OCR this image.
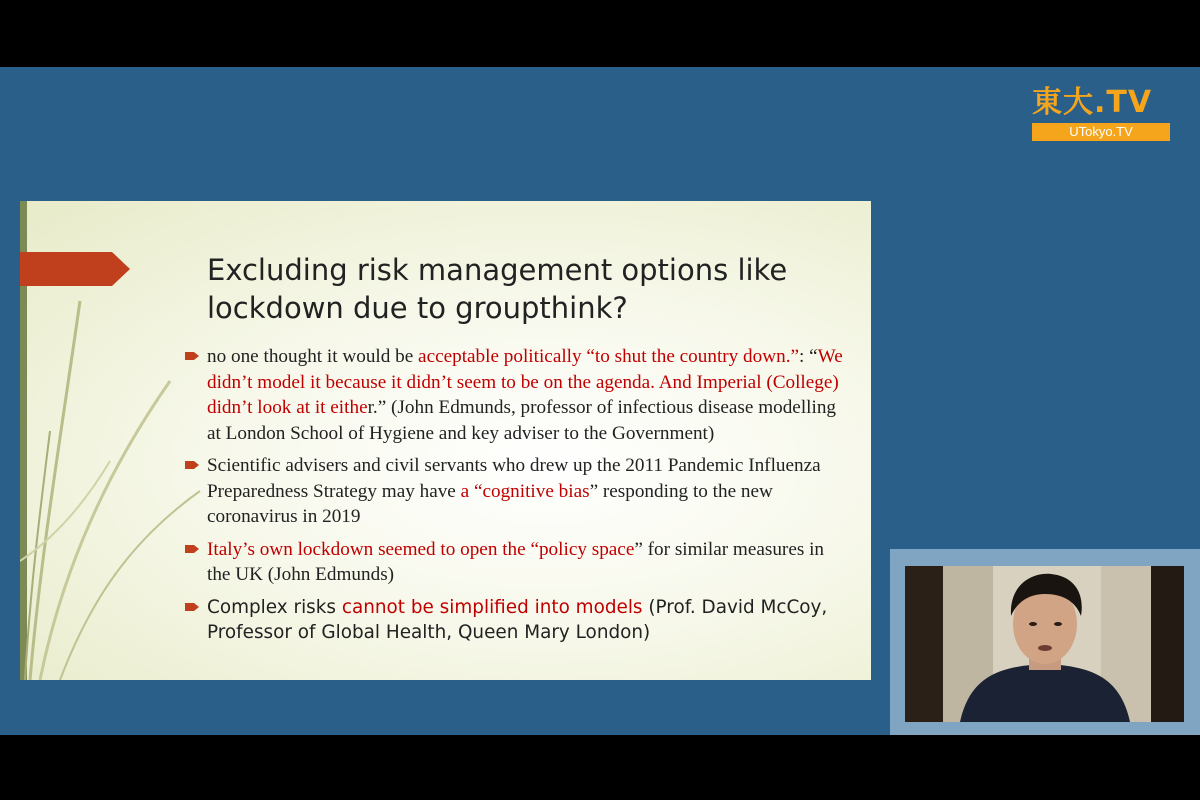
東大.TV
UTokyo.TV
Excluding risk management options like lockdown due to groupthink?
no one thought it would be acceptable politically “to shut the country down.”: “We didn’t model it because it didn’t seem to be on the agenda. And Imperial (College) didn’t look at it either.” (John Edmunds, professor of infectious disease modelling at London School of Hygiene and key adviser to the Government)
Scientific advisers and civil servants who drew up the 2011 Pandemic Influenza Preparedness Strategy may have a “cognitive bias” responding to the new coronavirus in 2019
Italy’s own lockdown seemed to open the “policy space” for similar measures in the UK (John Edmunds)
Complex risks cannot be simplified into models (Prof. David McCoy, Professor of Global Health, Queen Mary London)
